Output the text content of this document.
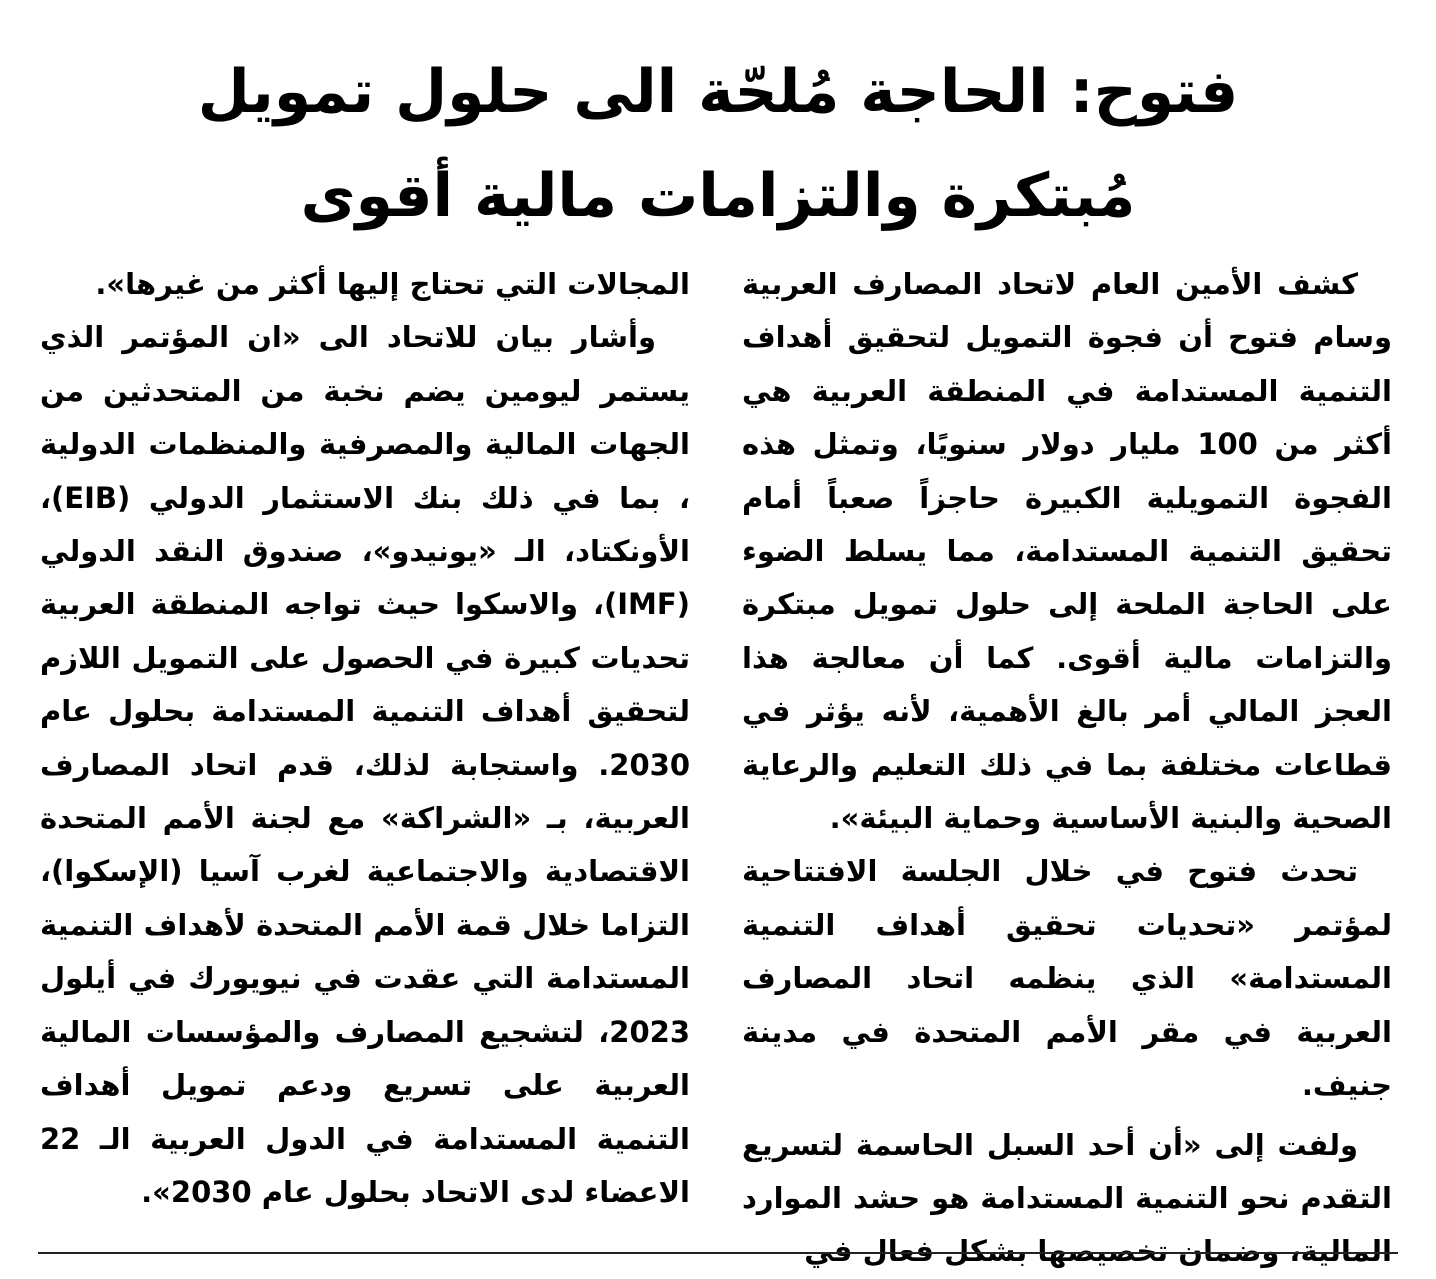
فتوح: الحاجة مُلحّة الى حلول تمويل
مُبتكرة والتزامات مالية أقوى

كشف الأمين العام لاتحاد المصارف العربية وسام فتوح أن فجوة التمويل لتحقيق أهداف التنمية المستدامة في المنطقة العربية هي أكثر من 100 مليار دولار سنويًا، وتمثل هذه الفجوة التمويلية الكبيرة حاجزاً صعباً أمام تحقيق التنمية المستدامة، مما يسلط الضوء على الحاجة الملحة إلى حلول تمويل مبتكرة والتزامات مالية أقوى. كما أن معالجة هذا العجز المالي أمر بالغ الأهمية، لأنه يؤثر في قطاعات مختلفة بما في ذلك التعليم والرعاية الصحية والبنية الأساسية وحماية البيئة».

تحدث فتوح في خلال الجلسة الافتتاحية لمؤتمر «تحديات تحقيق أهداف التنمية المستدامة» الذي ينظمه اتحاد المصارف العربية في مقر الأمم المتحدة في مدينة جنيف.

ولفت إلى «أن أحد السبل الحاسمة لتسريع التقدم نحو التنمية المستدامة هو حشد الموارد المالية، وضمان تخصيصها بشكل فعال في

المجالات التي تحتاج إليها أكثر من غيرها».

وأشار بيان للاتحاد الى «ان المؤتمر الذي يستمر ليومين يضم نخبة من المتحدثين من الجهات المالية والمصرفية والمنظمات الدولية ، بما في ذلك بنك الاستثمار الدولي (EIB)، الأونكتاد، الـ «يونيدو»، صندوق النقد الدولي (IMF)، والاسكوا حيث تواجه المنطقة العربية تحديات كبيرة في الحصول على التمويل اللازم لتحقيق أهداف التنمية المستدامة بحلول عام 2030. واستجابة لذلك، قدم اتحاد المصارف العربية، بـ «الشراكة» مع لجنة الأمم المتحدة الاقتصادية والاجتماعية لغرب آسيا (الإسكوا)، التزاما خلال قمة الأمم المتحدة لأهداف التنمية المستدامة التي عقدت في نيويورك في أيلول 2023، لتشجيع المصارف والمؤسسات المالية العربية على تسريع ودعم تمويل أهداف التنمية المستدامة في الدول العربية الـ 22 الاعضاء لدى الاتحاد بحلول عام 2030».
